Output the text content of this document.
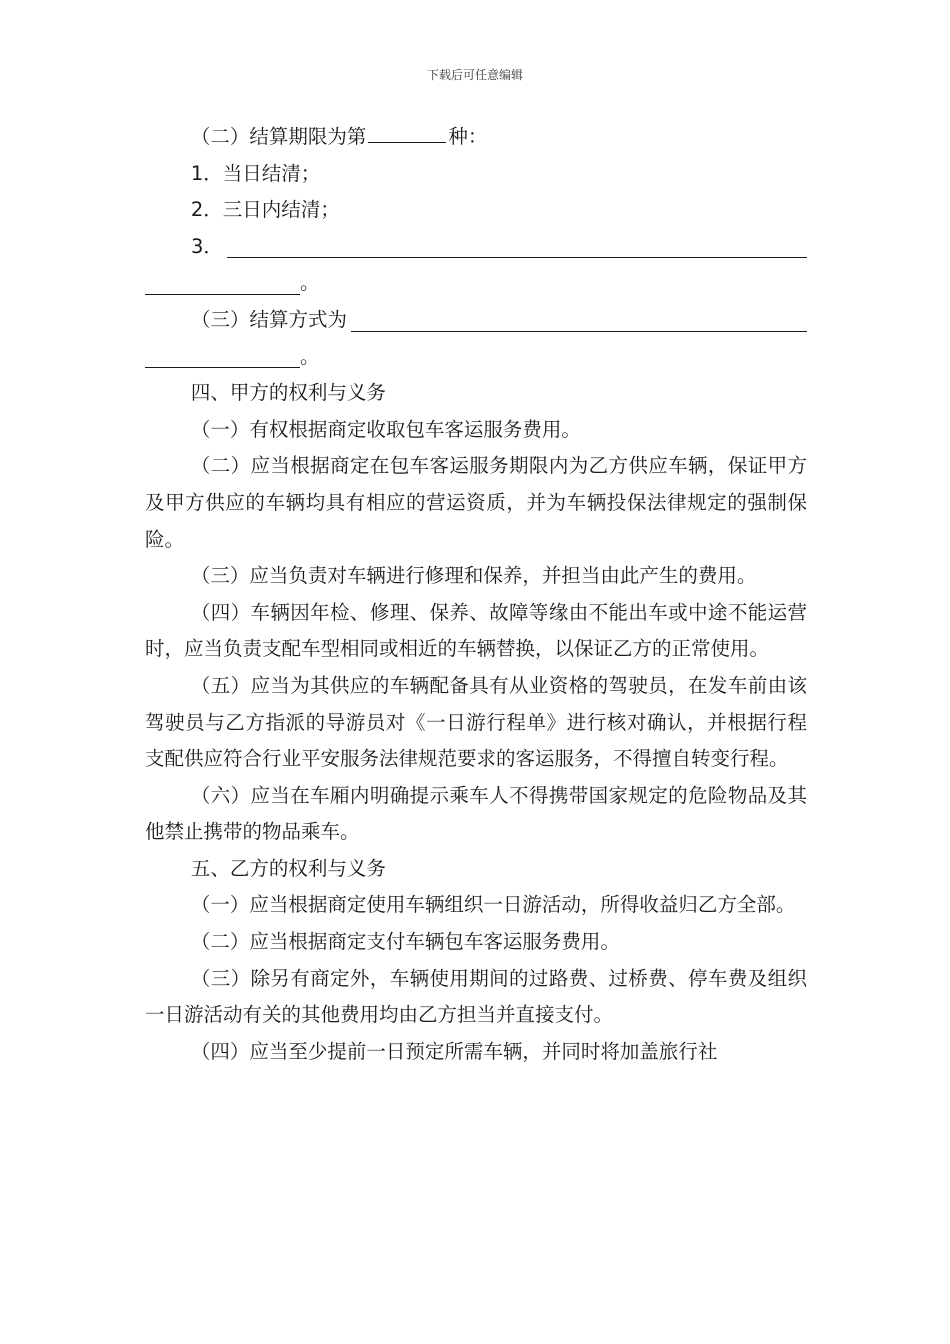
下载后可任意编辑

（二）结算期限为第	种：

1．当日结清；

2．三日内结清；

3．
。
（三）结算方式为
。

四、甲方的权利与义务

（一）有权根据商定收取包车客运服务费用。

（二）应当根据商定在包车客运服务期限内为乙方供应车辆，保证甲方及甲方供应的车辆均具有相应的营运资质，并为车辆投保法律规定的强制保险。

（三）应当负责对车辆进行修理和保养，并担当由此产生的费用。

（四）车辆因年检、修理、保养、故障等缘由不能出车或中途不能运营时，应当负责支配车型相同或相近的车辆替换，以保证乙方的正常使用。

（五）应当为其供应的车辆配备具有从业资格的驾驶员，在发车前由该驾驶员与乙方指派的导游员对《一日游行程单》进行核对确认，并根据行程支配供应符合行业平安服务法律规范要求的客运服务，不得擅自转变行程。

（六）应当在车厢内明确提示乘车人不得携带国家规定的危险物品及其他禁止携带的物品乘车。

五、乙方的权利与义务

（一）应当根据商定使用车辆组织一日游活动，所得收益归乙方全部。

（二）应当根据商定支付车辆包车客运服务费用。

（三）除另有商定外，车辆使用期间的过路费、过桥费、停车费及组织一日游活动有关的其他费用均由乙方担当并直接支付。

（四）应当至少提前一日预定所需车辆，并同时将加盖旅行社
